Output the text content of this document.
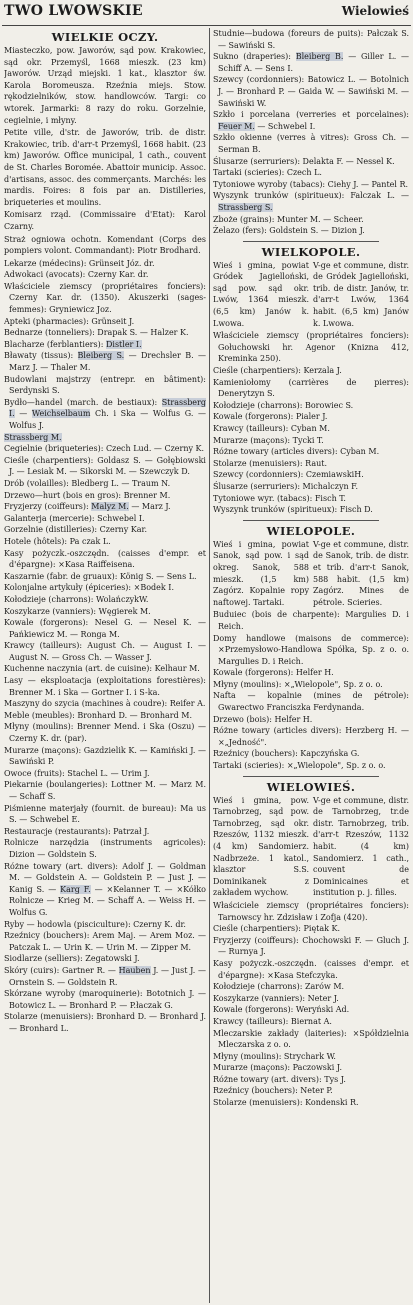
TWO LWOWSKIE	Wielowieś
WIELKIE OCZY.
Miasteczko, pow. Jaworów, sąd pow. Krakowiec, sąd okr. Przemyśl, 1668 mieszk. (23 km) Jaworów. Urząd miejski. 1 kat., klasztor św. Karola Boromeusza. Rzeźnia miejs. Stow. rękodzielników, stow. handlowców. Targi: co wtorek. Jarmarki: 8 razy do roku. Gorzelnie, cegielnie, i młyny.
Petite ville, d'str. de Jaworów, trib. de distr. Krakowiec, trib. d'arr-t Przemyśl, 1668 habit. (23 km) Jaworów. Office municipal, 1 cath., couvent de St. Charles Boromée. Abattoir municip. Assoc. d'artisans, assoc. des commerçants. Marchés: les mardis. Foires: 8 fois par an. Distilleries, briqueteries et moulins.
Komisarz rząd. (Commissaire d'Etat): Karol Czarny.
Straż ogniowa ochotn. Komendant (Corps des pompiers volont. Commandant): Piotr Brodhard.
Lekarze (médecins): Grünseit Józ. dr.
Adwokaci (avocats): Czerny Kar. dr.
Właściciele ziemscy (propriétaires fonciers): Czerny Kar. dr. (1350). Akuszerki (sages-femmes): Gryniewicz Joz.
Apteki (pharmacies): Grünseit J.
Bednarze (tonneliers): Drapak S. — Halzer K.
Blacharze (ferblantiers): Distler I.
Bławaty (tissus): Bleiberg S. — Drechsler B. — Marz J. — Thaler M.
Budowlani majstrzy (entrepr. en bâtiment): Serdynski S.
Bydło—handel (march. de bestiaux): Strassberg I. — Weichselbaum Ch. i Ska — Wolfus G. — Wolfus J.
Strassberg M.
Cegielnie (briqueteries): Czech Lud. — Czerny K.
Cieśle (charpentiers): Goldasz S. — Gołębiowski J. — Lesiak M. — Sikorski M. — Szewczyk D.
Drób (volailles): Bledberg L. — Traum N.
Drzewo—hurt (bois en gros): Brenner M.
Fryzjerzy (coiffeurs): Malyz M. — Marz J.
Galanterja (mercerie): Schwebel I.
Gorzelnie (distilleries): Czerny Kar.
Hotele (hôtels): Pa czak L.
Kasy pożyczk.-oszczędn. (caisses d'empr. et d'épargne): ×Kasa Raiffeisena.
Kaszarnie (fabr. de gruaux): König S. — Sens L.
Kolonjalne artykuły (épiceries): ×Bodek I.
Kołodzieje (charrons): WolańczykW.
Koszykarze (vanniers): Węgierek M.
Kowale (forgerons): Nesel G. — Nesel K. — Pańkiewicz M. — Ronga M.
Krawcy (tailleurs): August Ch. — August I. — August N. — Gross Ch. — Wasser J.
Kuchenne naczynia (art. de cuisine): Kelhaur M.
Lasy — eksploatacja (exploitations forestières): Brenner M. i Ska — Gortner I. i S-ka.
Maszyny do szycia (machines à coudre): Reifer A.
Meble (meubles): Bronhard D. — Bronhard M.
Młyny (moulins): Brenner Mend. i Ska (Oszu) — Czerny K. dr. (par).
Murarze (maçons): Gazdzielik K. — Kamiński J. — Sawiński P.
Owoce (fruits): Stachel L. — Urim J.
Piekarnie (boulangeries): Lottner M. — Marz M. — Schaff S.
Piśmienne materjały (fournit. de bureau): Ma us S. — Schwebel E.
Restauracje (restaurants): Patrzał J.
Rolnicze narzędzia (instruments agricoles): Dizion — Goldstein S.
Różne towary (art. divers): Adolf J. — Goldman M. — Goldstein A. — Goldstein P. — Just J. — Kanig S. — Karg F. — ×Kelanner T. — ×Kółko Rolnicze — Krieg M. — Schaff A. — Weiss H. — Wolfus G.
Ryby — hodowla (pisciculture): Czerny K. dr.
Rzeźnicy (bouchers): Arem Maj. — Arem Moz. — Patczak L. — Urin K. — Urin M. — Zipper M.
Siodlarze (selliers): Zegatowski J.
Skóry (cuirs): Gartner R. — Hauben J. — Just J. — Ornstein S. — Goldstein R.
Skórzane wyroby (maroquinerie): Bototnich J. — Botowicz L. — Bronhard P. — P.łaczak G.
Stolarze (menuisiers): Bronhard D. — Bronhard J. — Bronhard L.
Studnie—budowa (foreurs de puits): Pałczak S. — Sawiński S.
Sukno (draperies): Bleiberg B. — Giller L. — Schiff A. — Sens I.
Szewcy (cordonniers): Batowicz L. — Botolnich J. — Bronhard P. — Gaida W. — Sawiński M. — Sawiński W.
Szkło i porcelana (verreries et porcelaines): Feuer M. — Schwebel I.
Szkło okienne (verres à vitres): Gross Ch. — Serman B.
Ślusarze (serruriers): Delakta F. — Nessel K.
Tartaki (scieries): Czech L.
Tytoniowe wyroby (tabacs): Ciehy J. — Pantel R.
Wyszynk trunków (spiritueux): Falczak L. — Strassberg S.
Zboże (grains): Munter M. — Scheer.
Żelazo (fers): Goldstein S. — Dizion J.
WIELKOPOLE.
Wieś i gmina, powiat Gródek Jagielloński, sąd pow. sąd okr. Lwów, 1364 mieszk. (6,5 km) Janów k. Lwowa.
V-ge et commune, distr. de Gródek Jagielloński, trib. de distr. Janów, tr. d'arr-t Lwów, 1364 habit. (6,5 km) Janów k. Lwowa.
Właściciele ziemscy (propriétaires fonciers): Gołuchowski hr. Agenor (Knizna 412, Kreminka 250).
Cieśle (charpentiers): Kerzala J.
Kamieniołomy (carrières de pierres): Denerytzyn S.
Kołodzieje (charrons): Borowiec S.
Kowale (forgerons): Pialer J.
Krawcy (tailleurs): Cyban M.
Murarze (maçons): Tycki T.
Różne towary (articles divers): Cyban M.
Stolarze (menuisiers): Raut.
Szewcy (cordonniers): CzemiawskiH.
Ślusarze (serruriers): Michalczyn F.
Tytoniowe wyr. (tabacs): Fisch T.
Wyszynk trunków (spiritueux): Fisch D.
WIELOPOLE.
Wieś i gmina, powiat Sanok, sąd pow. i sąd okreg. Sanok, 588 mieszk. (1,5 km) Zagórz. Kopalnie ropy naftowej. Tartaki.
V-ge et commune, distr. de Sanok, trib. de distr. et trib. d'arr-t Sanok, 588 habit. (1,5 km) Zagórz. Mines de pétrole. Scieries.
Buduiec (bois de charpente): Margulies D. i Reich.
Domy handlowe (maisons de commerce): ×Przemysłowo-Handlowa Spółka, Sp. z o. o. Margulies D. i Reich.
Kowale (forgerons): Helfer H.
Młyny (moulins): ×„Wielopole", Sp. z o. o.
Nafta — kopalnie (mines de pétrole): Gwarectwo Franciszka Ferdynanda.
Drzewo (bois): Helfer H.
Różne towary (articles divers): Herzberg H. — ×„Jedność".
Rzeźnicy (bouchers): Kapczyńska G.
Tartaki (scieries): ×„Wielopole", Sp. z o. o.
WIELOWIEŚ.
Wieś i gmina, pow. Tarnobrzeg, sąd pow. Tarnobrzeg, sąd okr. Rzeszów, 1132 mieszk. (4 km) Sandomierz. Nadbrzeże. 1 katol., klasztor S.S. Dominikanek z zakładem wychow.
V-ge et commune, distr. de Tarnobrzeg, tr.de distr. Tarnobrzeg, trib. d'arr-t Rzeszów, 1132 habit. (4 km) Sandomierz. 1 cath., couvent de Dominicaines et institution p. j. filles.
Właściciele ziemscy (propriétaires fonciers): Tarnowscy hr. Zdzisław i Zofja (420).
Cieśle (charpentiers): Piętak K.
Fryzjerzy (coiffeurs): Chochowski F. — Gluch J. — Rurnya J.
Kasy pożyczk.-oszczędn. (caisses d'empr. et d'épargne): ×Kasa Stefczyka.
Kołodzieje (charrons): Zarów M.
Koszykarze (vanniers): Neter J.
Kowale (forgerons): Weryński Ad.
Krawcy (tailleurs): Biernat A.
Mleczarskie zakłady (laiteries): ×Spółdzielnia Mleczarska z o. o.
Młyny (moulins): Strychark W.
Murarze (maçons): Paczowski J.
Różne towary (art. divers): Tys J.
Rzeźnicy (bouchers): Neter P.
Stolarze (menuisiers): Kondenski R.
